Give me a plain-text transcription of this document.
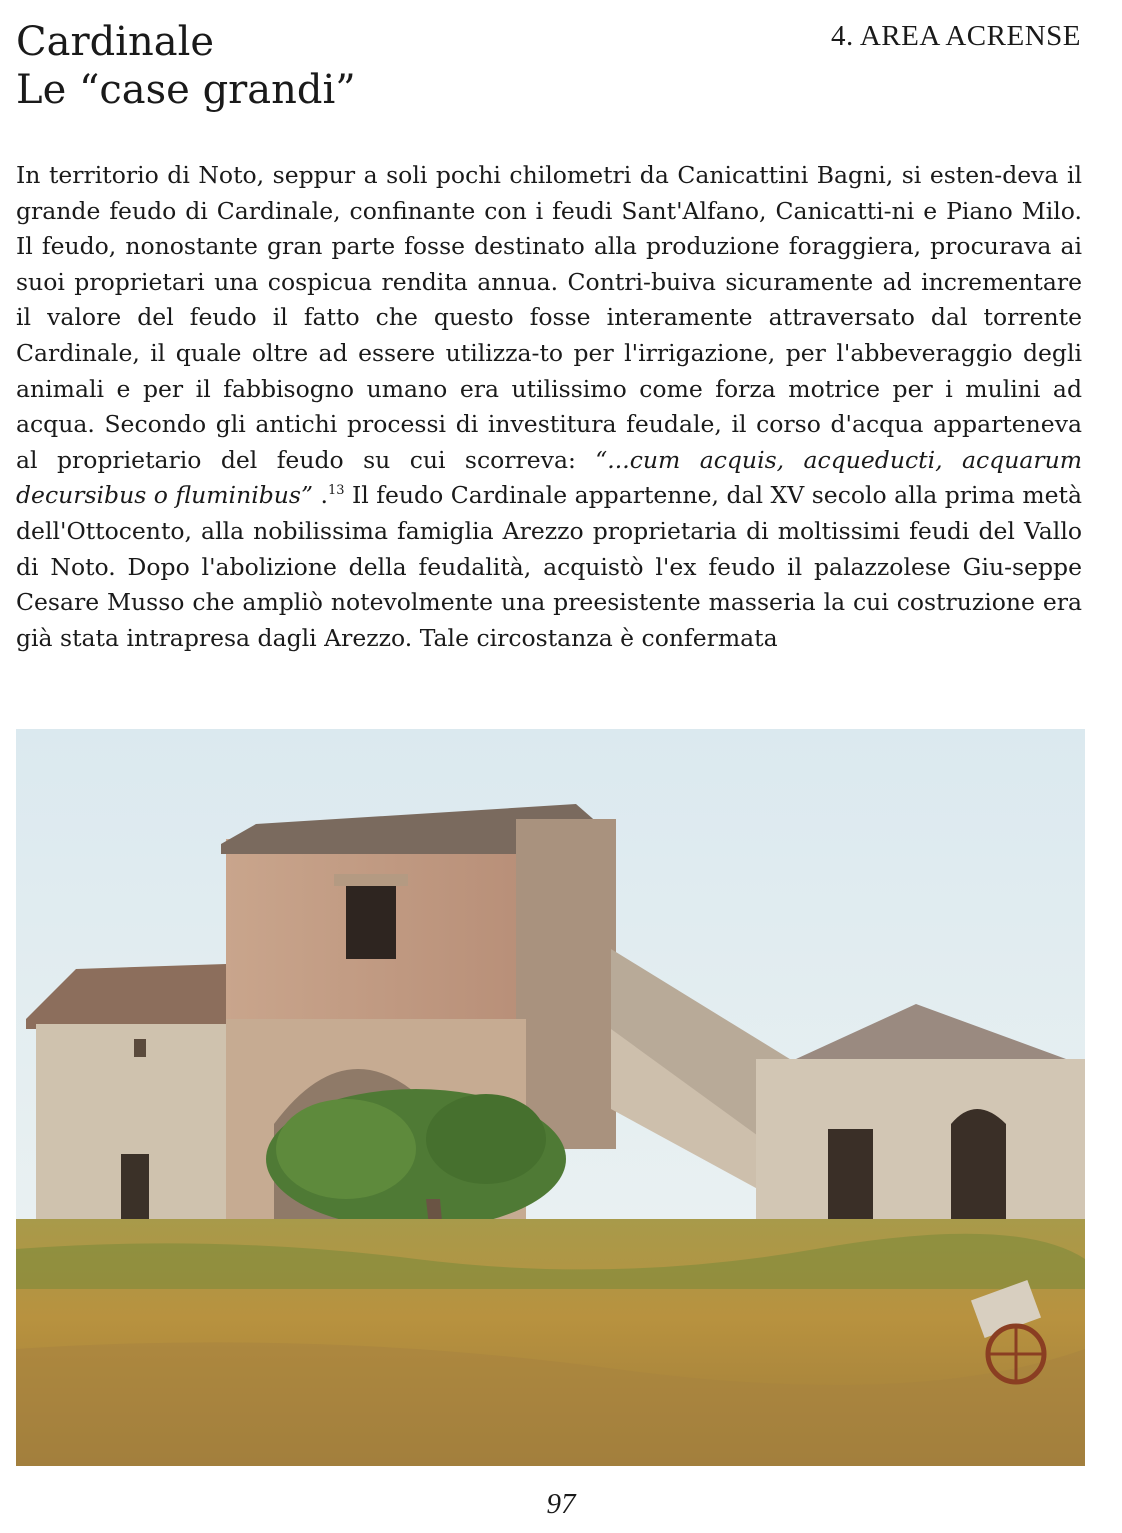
Cardinale
Le “case grandi”
4. AREA ACRENSE

In territorio di Noto, seppur a soli pochi chilometri da Canicattini Bagni, si esten-deva il grande feudo di Cardinale, confinante con i feudi Sant'Alfano, Canicatti-ni e Piano Milo. Il feudo, nonostante gran parte fosse destinato alla produzione foraggiera, procurava ai suoi proprietari una cospicua rendita annua. Contri-buiva sicuramente ad incrementare il valore del feudo il fatto che questo fosse interamente attraversato dal torrente Cardinale, il quale oltre ad essere utilizza-to per l'irrigazione, per l'abbeveraggio degli animali e per il fabbisogno umano era utilissimo come forza motrice per i mulini ad acqua. Secondo gli antichi processi di investitura feudale, il corso d'acqua apparteneva al proprietario del feudo su cui scorreva: “...cum acquis, acqueducti, acquarum decursibus o fluminibus” .$^{13}$ Il feudo Cardinale appartenne, dal XV secolo alla prima metà dell'Ottocento, alla nobilissima famiglia Arezzo proprietaria di moltissimi feudi del Vallo di Noto. Dopo l'abolizione della feudalità, acquistò l'ex feudo il palazzolese Giu-seppe Cesare Musso che ampliò notevolmente una preesistente masseria la cui costruzione era già stata intrapresa dagli Arezzo. Tale circostanza è confermata

97
